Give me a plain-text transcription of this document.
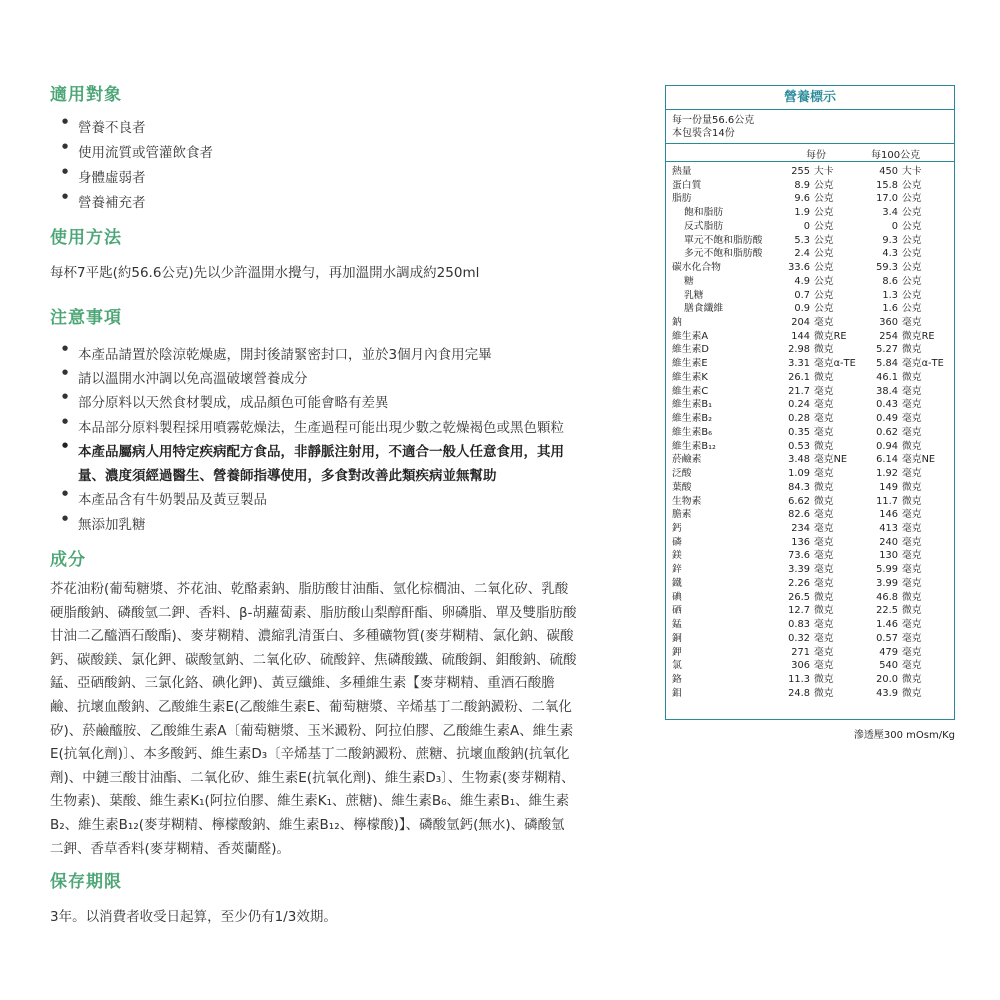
適用對象
● 營養不良者
● 使用流質或管灌飲食者
● 身體虛弱者
● 營養補充者
使用方法
每杯7平匙(約56.6公克)先以少許溫開水攪勻，再加溫開水調成約250ml
注意事項
● 本產品請置於陰涼乾燥處，開封後請緊密封口，並於3個月內食用完畢
● 請以溫開水沖調以免高溫破壞營養成分
● 部分原料以天然食材製成，成品顏色可能會略有差異
● 本品部分原料製程採用噴霧乾燥法，生產過程可能出現少數之乾燥褐色或黑色顆粒
● 本產品屬病人用特定疾病配方食品，非靜脈注射用，不適合一般人任意食用，其用
量、濃度須經過醫生、營養師指導使用，多食對改善此類疾病並無幫助
● 本產品含有牛奶製品及黃豆製品
● 無添加乳糖
成分
芥花油粉(葡萄糖漿、芥花油、乾酪素鈉、脂肪酸甘油酯、氫化棕櫚油、二氧化矽、乳酸
硬脂酸鈉、磷酸氫二鉀、香料、β-胡蘿蔔素、脂肪酸山梨醇酐酯、卵磷脂、單及雙脂肪酸
甘油二乙醯酒石酸酯)、麥芽糊精、濃縮乳清蛋白、多種礦物質(麥芽糊精、氯化鈉、碳酸
鈣、碳酸鎂、氯化鉀、碳酸氫鈉、二氧化矽、硫酸鋅、焦磷酸鐵、硫酸銅、鉬酸鈉、硫酸
錳、亞硒酸鈉、三氯化鉻、碘化鉀)、黃豆纖維、多種維生素【麥芽糊精、重酒石酸膽
鹼、抗壞血酸鈉、乙酸維生素E(乙酸維生素E、葡萄糖漿、辛烯基丁二酸鈉澱粉、二氧化
矽)、菸鹼醯胺、乙酸維生素A〔葡萄糖漿、玉米澱粉、阿拉伯膠、乙酸維生素A、維生素
E(抗氧化劑)〕、本多酸鈣、維生素D₃〔辛烯基丁二酸鈉澱粉、蔗糖、抗壞血酸鈉(抗氧化
劑)、中鏈三酸甘油酯、二氧化矽、維生素E(抗氧化劑)、維生素D₃〕、生物素(麥芽糊精、
生物素)、葉酸、維生素K₁(阿拉伯膠、維生素K₁、蔗糖)、維生素B₆、維生素B₁、維生素
B₂、維生素B₁₂(麥芽糊精、檸檬酸鈉、維生素B₁₂、檸檬酸)】、磷酸氫鈣(無水)、磷酸氫
二鉀、香草香料(麥芽糊精、香莢蘭醛)。
保存期限
3年。以消費者收受日起算，至少仍有1/3效期。
營養標示
每一份量56.6公克
本包裝含14份
每份	每100公克
熱量	255 大卡	450 大卡
蛋白質	8.9 公克	15.8 公克
脂肪	9.6 公克	17.0 公克
飽和脂肪	1.9 公克	3.4 公克
反式脂肪	0 公克	0 公克
單元不飽和脂肪酸	5.3 公克	9.3 公克
多元不飽和脂肪酸	2.4 公克	4.3 公克
碳水化合物	33.6 公克	59.3 公克
糖	4.9 公克	8.6 公克
乳糖	0.7 公克	1.3 公克
膳食纖維	0.9 公克	1.6 公克
鈉	204 毫克	360 毫克
維生素A	144 微克RE	254 微克RE
維生素D	2.98 微克	5.27 微克
維生素E	3.31 毫克α-TE	5.84 毫克α-TE
維生素K	26.1 微克	46.1 微克
維生素C	21.7 毫克	38.4 毫克
維生素B₁	0.24 毫克	0.43 毫克
維生素B₂	0.28 毫克	0.49 毫克
維生素B₆	0.35 毫克	0.62 毫克
維生素B₁₂	0.53 微克	0.94 微克
菸鹼素	3.48 毫克NE	6.14 毫克NE
泛酸	1.09 毫克	1.92 毫克
葉酸	84.3 微克	149 微克
生物素	6.62 微克	11.7 微克
膽素	82.6 毫克	146 毫克
鈣	234 毫克	413 毫克
磷	136 毫克	240 毫克
鎂	73.6 毫克	130 毫克
鋅	3.39 毫克	5.99 毫克
鐵	2.26 毫克	3.99 毫克
碘	26.5 微克	46.8 微克
硒	12.7 微克	22.5 微克
錳	0.83 毫克	1.46 毫克
銅	0.32 毫克	0.57 毫克
鉀	271 毫克	479 毫克
氯	306 毫克	540 毫克
鉻	11.3 微克	20.0 微克
鉬	24.8 微克	43.9 微克
滲透壓300 mOsm/Kg
